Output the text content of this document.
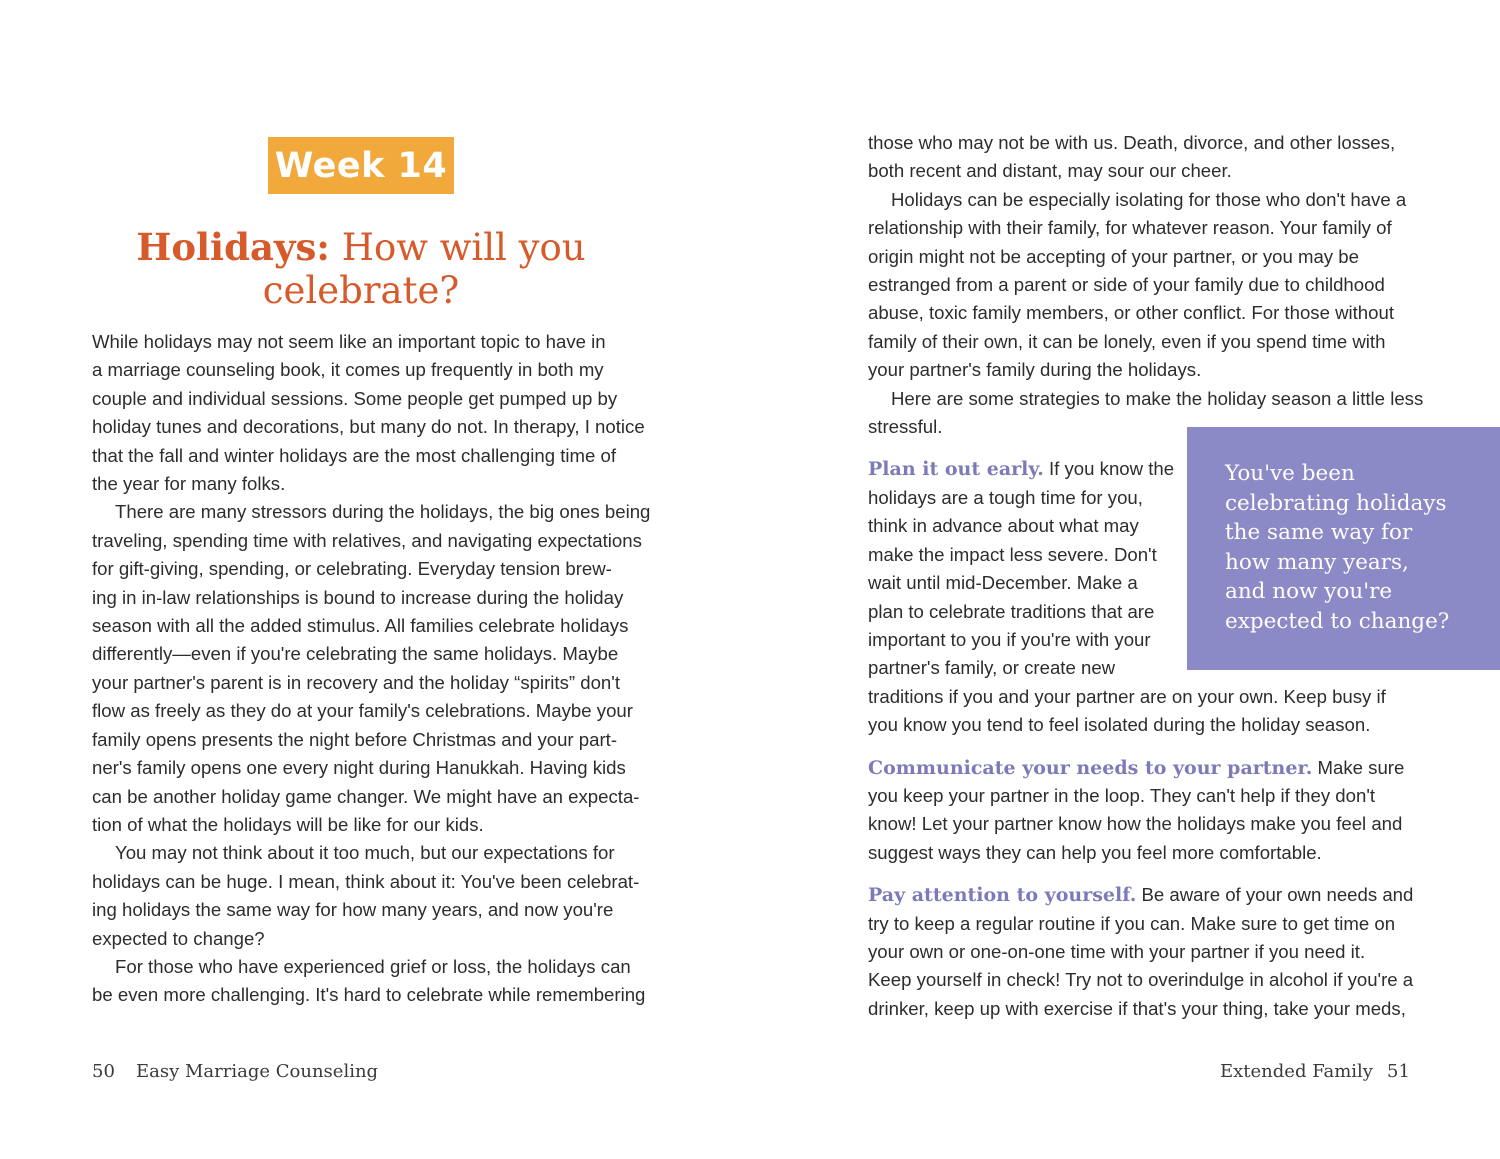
Week 14
Holidays: How will you
celebrate?

While holidays may not seem like an important topic to have in
a marriage counseling book, it comes up frequently in both my
couple and individual sessions. Some people get pumped up by
holiday tunes and decorations, but many do not. In therapy, I notice
that the fall and winter holidays are the most challenging time of
the year for many folks.

There are many stressors during the holidays, the big ones being
traveling, spending time with relatives, and navigating expectations
for gift-giving, spending, or celebrating. Everyday tension brew-
ing in in-law relationships is bound to increase during the holiday
season with all the added stimulus. All families celebrate holidays
differently—even if you're celebrating the same holidays. Maybe
your partner's parent is in recovery and the holiday “spirits” don't
flow as freely as they do at your family's celebrations. Maybe your
family opens presents the night before Christmas and your part-
ner's family opens one every night during Hanukkah. Having kids
can be another holiday game changer. We might have an expecta-
tion of what the holidays will be like for our kids.

You may not think about it too much, but our expectations for
holidays can be huge. I mean, think about it: You've been celebrat-
ing holidays the same way for how many years, and now you're
expected to change?

For those who have experienced grief or loss, the holidays can
be even more challenging. It's hard to celebrate while remembering

those who may not be with us. Death, divorce, and other losses,
both recent and distant, may sour our cheer.

Holidays can be especially isolating for those who don't have a
relationship with their family, for whatever reason. Your family of
origin might not be accepting of your partner, or you may be
estranged from a parent or side of your family due to childhood
abuse, toxic family members, or other conflict. For those without
family of their own, it can be lonely, even if you spend time with
your partner's family during the holidays.

Here are some strategies to make the holiday season a little less
stressful.

Plan it out early. If you know the
holidays are a tough time for you,
think in advance about what may
make the impact less severe. Don't
wait until mid-December. Make a
plan to celebrate traditions that are
important to you if you're with your
partner's family, or create new
traditions if you and your partner are on your own. Keep busy if
you know you tend to feel isolated during the holiday season.

Communicate your needs to your partner. Make sure
you keep your partner in the loop. They can't help if they don't
know! Let your partner know how the holidays make you feel and
suggest ways they can help you feel more comfortable.

Pay attention to yourself. Be aware of your own needs and
try to keep a regular routine if you can. Make sure to get time on
your own or one-on-one time with your partner if you need it.
Keep yourself in check! Try not to overindulge in alcohol if you're a
drinker, keep up with exercise if that's your thing, take your meds,

You've been
celebrating holidays
the same way for
how many years,
and now you're
expected to change?
50 Easy Marriage Counseling	Extended Family 51
